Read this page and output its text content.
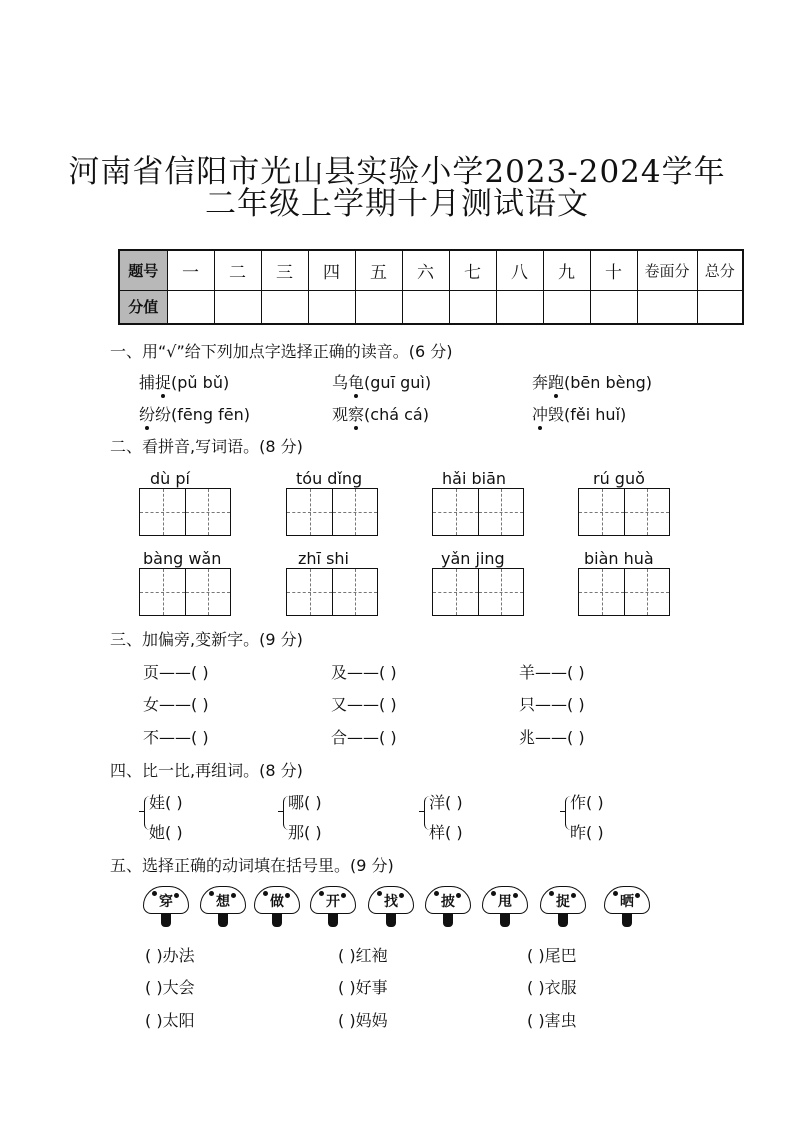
河南省信阳市光山县实验小学2023-2024学年
二年级上学期十月测试语文
题号	一	二	三	四	五	六	七	八	九	十	卷面分	总分
分值												
一、用“√”给下列加点字选择正确的读音。(6 分)
捕捉(pǔ bǔ)	乌龟(guī guì)	奔跑(bēn bèng)
纷纷(fēng fēn)	观察(chá cá)	冲毁(fěi huǐ)
二、看拼音,写词语。(8 分)
dù pí	tóu dǐng	hǎi biān	rú guǒ
bàng wǎn	zhī shi	yǎn jing	biàn huà
三、加偏旁,变新字。(9 分)
页——( )	及——( )	羊——( )
女——( )	又——( )	只——( )
不——( )	合——( )	兆——( )
四、比一比,再组词。(8 分)
娃( )
她( )
哪( )
那( )
洋( )
样( )
作( )
昨( )
五、选择正确的动词填在括号里。(9 分)
穿	想	做	开	找	披	甩	捉	晒
( )办法	( )红袍	( )尾巴
( )大会	( )好事	( )衣服
( )太阳	( )妈妈	( )害虫
